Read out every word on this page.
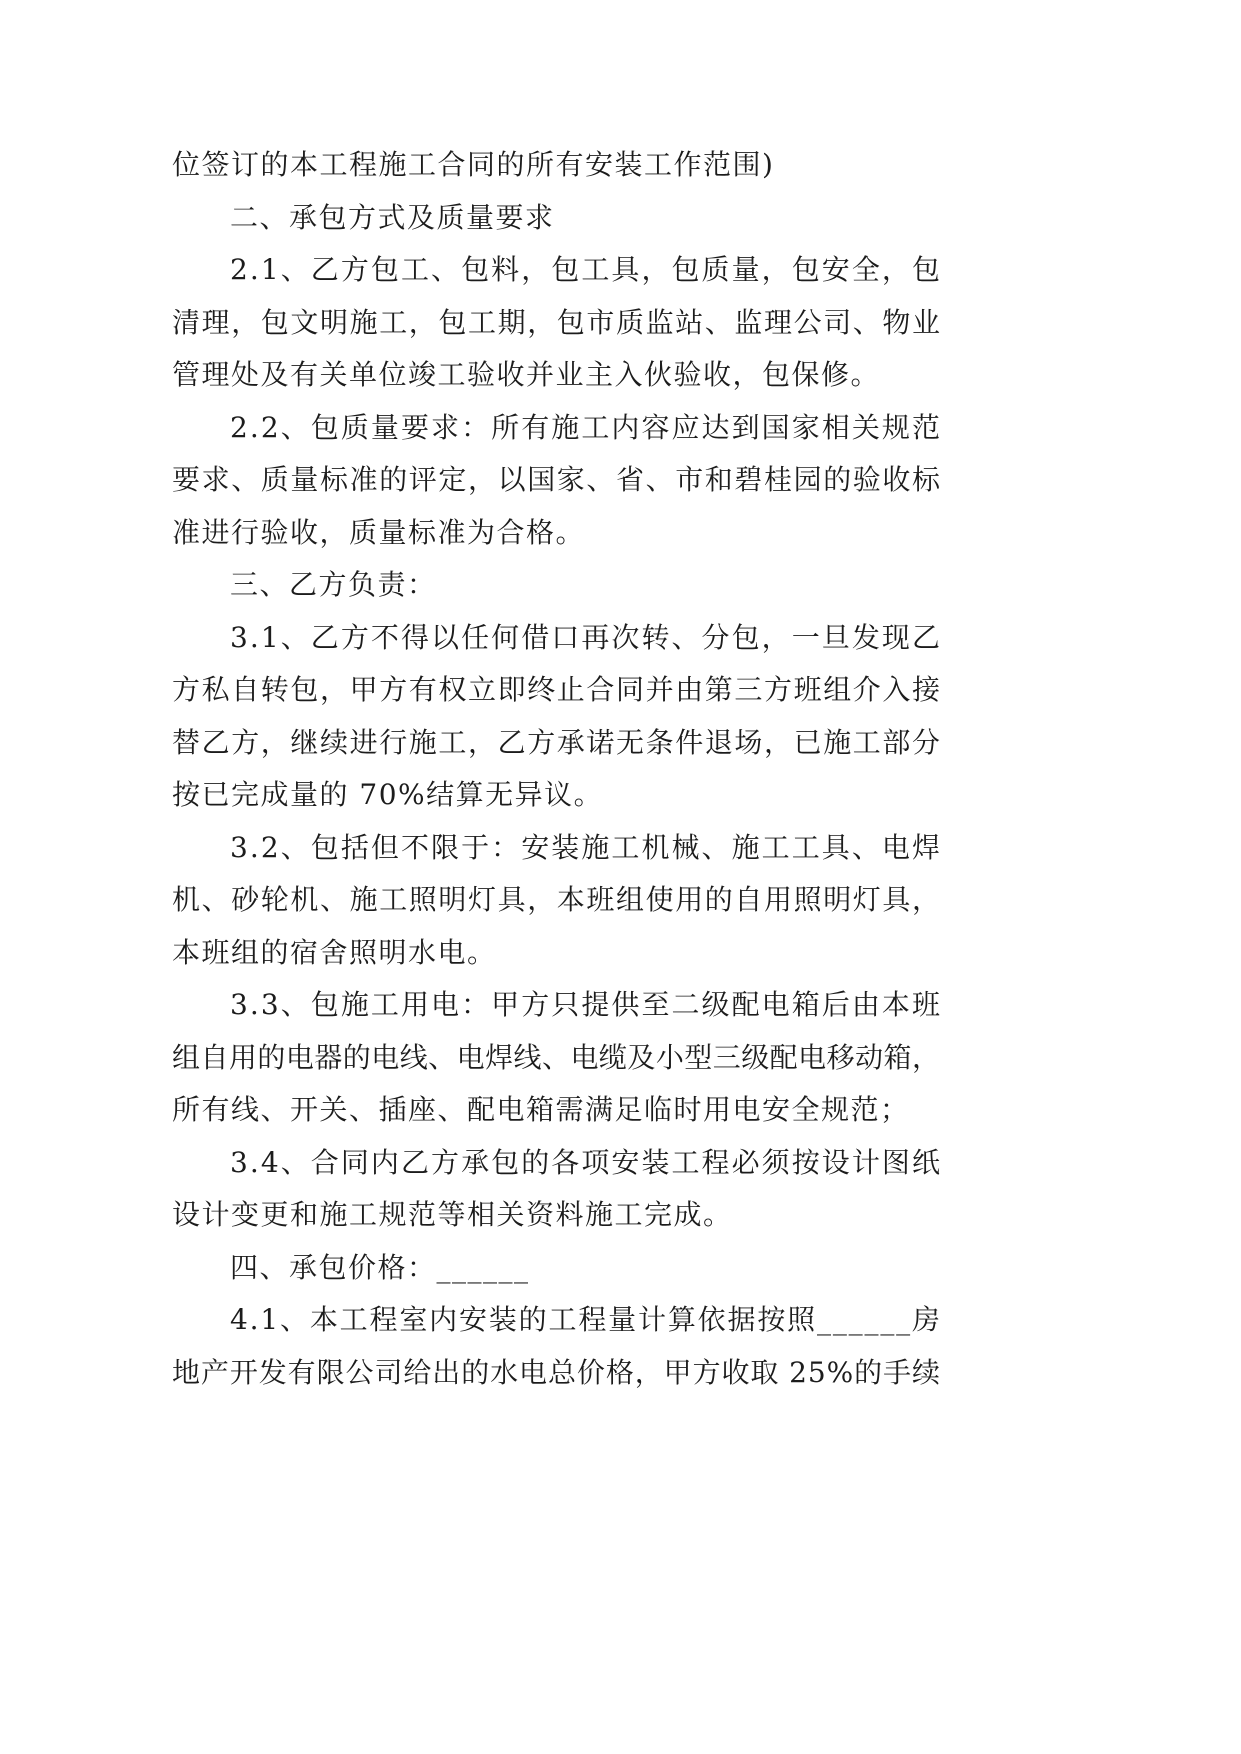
位签订的本工程施工合同的所有安装工作范围)
二、承包方式及质量要求
2.1、乙方包工、包料，包工具，包质量，包安全，包
清理，包文明施工，包工期，包市质监站、监理公司、物业
管理处及有关单位竣工验收并业主入伙验收，包保修。
2.2、包质量要求：所有施工内容应达到国家相关规范
要求、质量标准的评定，以国家、省、市和碧桂园的验收标
准进行验收，质量标准为合格。
三、乙方负责：
3.1、乙方不得以任何借口再次转、分包，一旦发现乙
方私自转包，甲方有权立即终止合同并由第三方班组介入接
替乙方，继续进行施工，乙方承诺无条件退场，已施工部分
按已完成量的 70%结算无异议。
3.2、包括但不限于：安装施工机械、施工工具、电焊
机、砂轮机、施工照明灯具，本班组使用的自用照明灯具，
本班组的宿舍照明水电。
3.3、包施工用电：甲方只提供至二级配电箱后由本班
组自用的电器的电线、电焊线、电缆及小型三级配电移动箱，
所有线、开关、插座、配电箱需满足临时用电安全规范；
3.4、合同内乙方承包的各项安装工程必须按设计图纸
设计变更和施工规范等相关资料施工完成。
四、承包价格：______
4.1、本工程室内安装的工程量计算依据按照______房
地产开发有限公司给出的水电总价格，甲方收取 25%的手续
